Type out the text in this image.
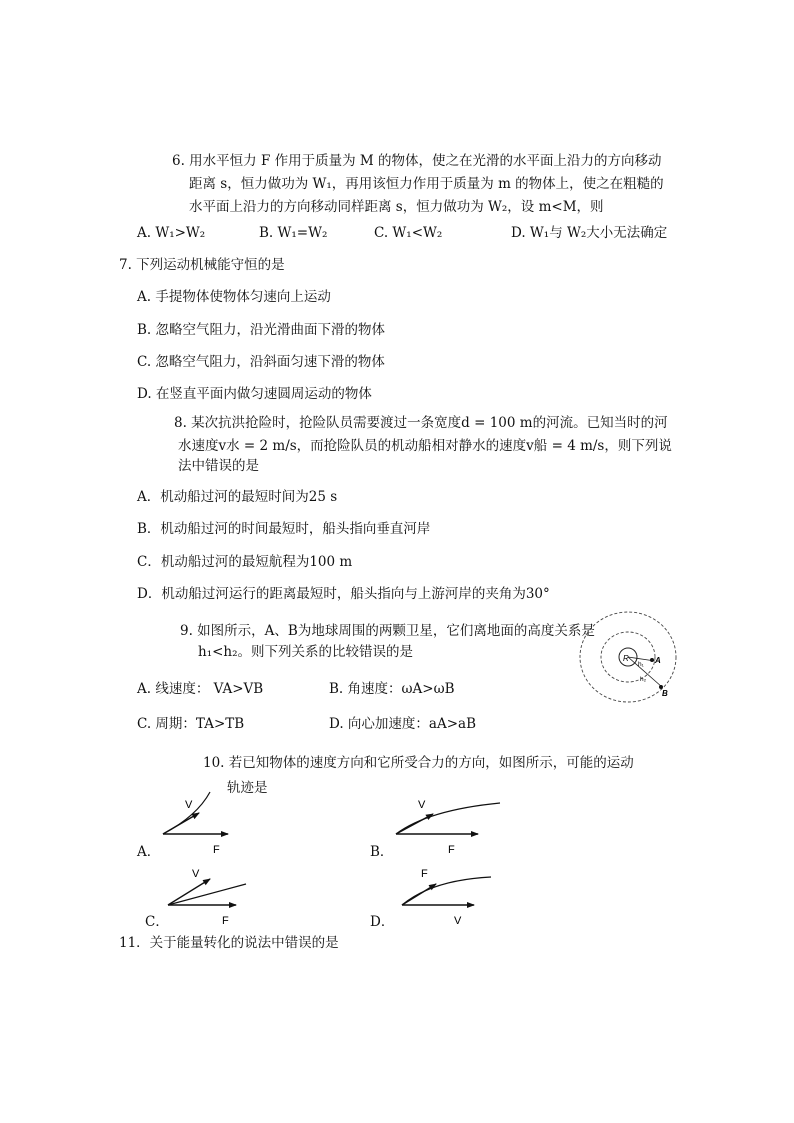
6. 用水平恒力 F 作用于质量为 M 的物体，使之在光滑的水平面上沿力的方向移动
距离 s，恒力做功为 W₁，再用该恒力作用于质量为 m 的物体上，使之在粗糙的
水平面上沿力的方向移动同样距离 s，恒力做功为 W₂，设 m<M，则
A. W₁>W₂	B. W₁=W₂	C. W₁<W₂	D. W₁与 W₂大小无法确定
7. 下列运动机械能守恒的是
A. 手提物体使物体匀速向上运动
B. 忽略空气阻力，沿光滑曲面下滑的物体
C. 忽略空气阻力，沿斜面匀速下滑的物体
D. 在竖直平面内做匀速圆周运动的物体
8. 某次抗洪抢险时，抢险队员需要渡过一条宽度d = 100 m的河流。已知当时的河
水速度v水 = 2 m/s，而抢险队员的机动船相对静水的速度v船 = 4 m/s，则下列说
法中错误的是
A．机动船过河的最短时间为25 s
B．机动船过河的时间最短时，船头指向垂直河岸
C．机动船过河的最短航程为100 m
D．机动船过河运行的距离最短时，船头指向与上游河岸的夹角为30°
9. 如图所示，A、B为地球周围的两颗卫星，它们离地面的高度关系是
h₁<h₂。则下列关系的比较错误的是
A. 线速度： VA>VB	B. 角速度：ωA>ωB
C. 周期：TA>TB	D. 向心加速度：aA>aB
R	A
B
h₁
h₂
10. 若已知物体的速度方向和它所受合力的方向，如图所示，可能的运动
轨迹是
A．
V
F	B．
V
F
C．
V
F	D．
F
V
11．关于能量转化的说法中错误的是
